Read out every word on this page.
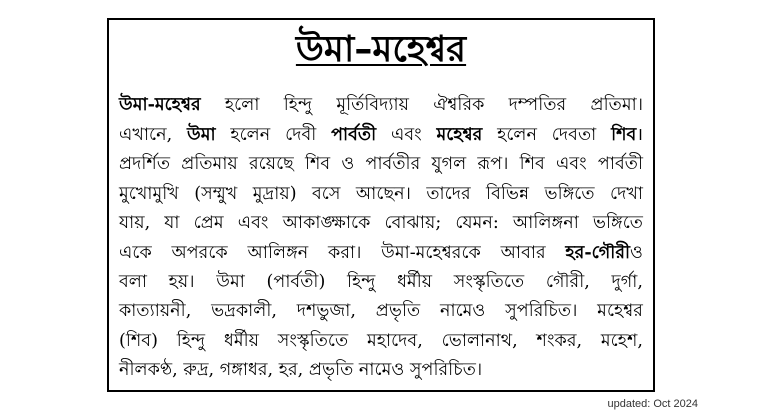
উমা–মহেশ্বর
উমা-মহেশ্বর হলো হিন্দু মূর্তিবিদ্যায় ঐশ্বরিক দম্পতির প্রতিমা।
এখানে, উমা হলেন দেবী পার্বতী এবং মহেশ্বর হলেন দেবতা শিব।
প্রদর্শিত প্রতিমায় রয়েছে শিব ও পার্বতীর যুগল রূপ। শিব এবং পার্বতী
মুখোমুখি (সম্মুখ মুদ্রায়) বসে আছেন। তাদের বিভিন্ন ভঙ্গিতে দেখা
যায়, যা প্রেম এবং আকাঙ্ক্ষাকে বোঝায়; যেমন: আলিঙ্গনা ভঙ্গিতে
একে অপরকে আলিঙ্গন করা। উমা-মহেশ্বরকে আবার হর-গৌরীও
বলা হয়। উমা (পার্বতী) হিন্দু ধর্মীয় সংস্কৃতিতে গৌরী, দুর্গা,
কাত্যায়নী, ভদ্রকালী, দশভুজা, প্রভৃতি নামেও সুপরিচিত। মহেশ্বর
(শিব) হিন্দু ধর্মীয় সংস্কৃতিতে মহাদেব, ভোলানাথ, শংকর, মহেশ,
নীলকণ্ঠ, রুদ্র, গঙ্গাধর, হর, প্রভৃতি নামেও সুপরিচিত।
updated: Oct 2024
